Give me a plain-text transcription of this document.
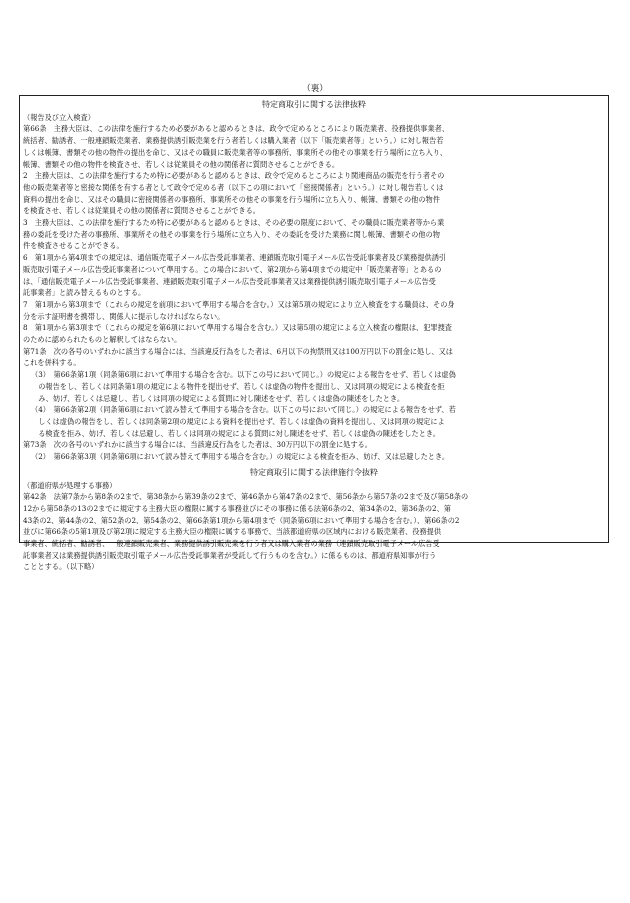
（裏）
特定商取引に関する法律抜粋
（報告及び立入検査）
第66条　主務大臣は、この法律を施行するため必要があると認めるときは、政令で定めるところにより販売業者、役務提供事業者、
統括者、勧誘者、一般連鎖販売業者、業務提供誘引販売業を行う者若しくは購入業者（以下「販売業者等」という。）に対し報告若
しくは帳簿、書類その他の物件の提出を命じ、又はその職員に販売業者等の事務所、事業所その他その事業を行う場所に立ち入り、
帳簿、書類その他の物件を検査させ、若しくは従業員その他の関係者に質問させることができる。
2　主務大臣は、この法律を施行するため特に必要があると認めるときは、政令で定めるところにより関連商品の販売を行う者その
他の販売業者等と密接な関係を有する者として政令で定める者（以下この項において「密接関係者」という。）に対し報告若しくは
資料の提出を命じ、又はその職員に密接関係者の事務所、事業所その他その事業を行う場所に立ち入り、帳簿、書類その他の物件
を検査させ、若しくは従業員その他の関係者に質問させることができる。
3　主務大臣は、この法律を施行するため特に必要があると認めるときは、その必要の限度において、その職員に販売業者等から業
務の委託を受けた者の事務所、事業所その他その事業を行う場所に立ち入り、その委託を受けた業務に関し帳簿、書類その他の物
件を検査させることができる。
6　第1項から第4項までの規定は、通信販売電子メール広告受託事業者、連鎖販売取引電子メール広告受託事業者及び業務提供誘引
販売取引電子メール広告受託事業者について準用する。この場合において、第2項から第4項までの規定中「販売業者等」とあるの
は、「通信販売電子メール広告受託事業者、連鎖販売取引電子メール広告受託事業者又は業務提供誘引販売取引電子メール広告受
託事業者」と読み替えるものとする。
7　第1項から第3項まで（これらの規定を前項において準用する場合を含む。）又は第5項の規定により立入検査をする職員は、その身
分を示す証明書を携帯し、関係人に提示しなければならない。
8　第1項から第3項まで（これらの規定を第6項において準用する場合を含む。）又は第5項の規定による立入検査の権限は、犯罪捜査
のために認められたものと解釈してはならない。
第71条　次の各号のいずれかに該当する場合には、当該違反行為をした者は、6月以下の拘禁刑又は100万円以下の罰金に処し、又は
これを併科する。
（3）　第66条第1項（同条第6項において準用する場合を含む。以下この号において同じ。）の規定による報告をせず、若しくは虚偽
　の報告をし、若しくは同条第1項の規定による物件を提出せず、若しくは虚偽の物件を提出し、又は同項の規定による検査を拒
　み、妨げ、若しくは忌避し、若しくは同項の規定による質問に対し陳述をせず、若しくは虚偽の陳述をしたとき。
（4）　第66条第2項（同条第6項において読み替えて準用する場合を含む。以下この号において同じ。）の規定による報告をせず、若
　しくは虚偽の報告をし、若しくは同条第2項の規定による資料を提出せず、若しくは虚偽の資料を提出し、又は同項の規定によ
　る検査を拒み、妨げ、若しくは忌避し、若しくは同項の規定による質問に対し陳述をせず、若しくは虚偽の陳述をしたとき。
第73条　次の各号のいずれかに該当する場合には、当該違反行為をした者は、30万円以下の罰金に処する。
（2）　第66条第3項（同条第6項において読み替えて準用する場合を含む。）の規定による検査を拒み、妨げ、又は忌避したとき。
特定商取引に関する法律施行令抜粋
（都道府県が処理する事務）
第42条　法第7条から第8条の2まで、第38条から第39条の2まで、第46条から第47条の2まで、第56条から第57条の2まで及び第58条の
12から第58条の13の2までに規定する主務大臣の権限に属する事務並びにその事務に係る法第6条の2、第34条の2、第36条の2、第
43条の2、第44条の2、第52条の2、第54条の2、第66条第1項から第4項まで（同条第6項において準用する場合を含む。）、第66条の2
並びに第66条の5第1項及び第2項に規定する主務大臣の権限に属する事務で、当該都道府県の区域内における販売業者、役務提供
事業者、統括者、勧誘者、一般連鎖販売業者、業務提供誘引販売業を行う者又は購入業者の業務（連鎖販売取引電子メール広告受
託事業者又は業務提供誘引販売取引電子メール広告受託事業者が受託して行うものを含む。）に係るものは、都道府県知事が行う
こととする。（以下略）
